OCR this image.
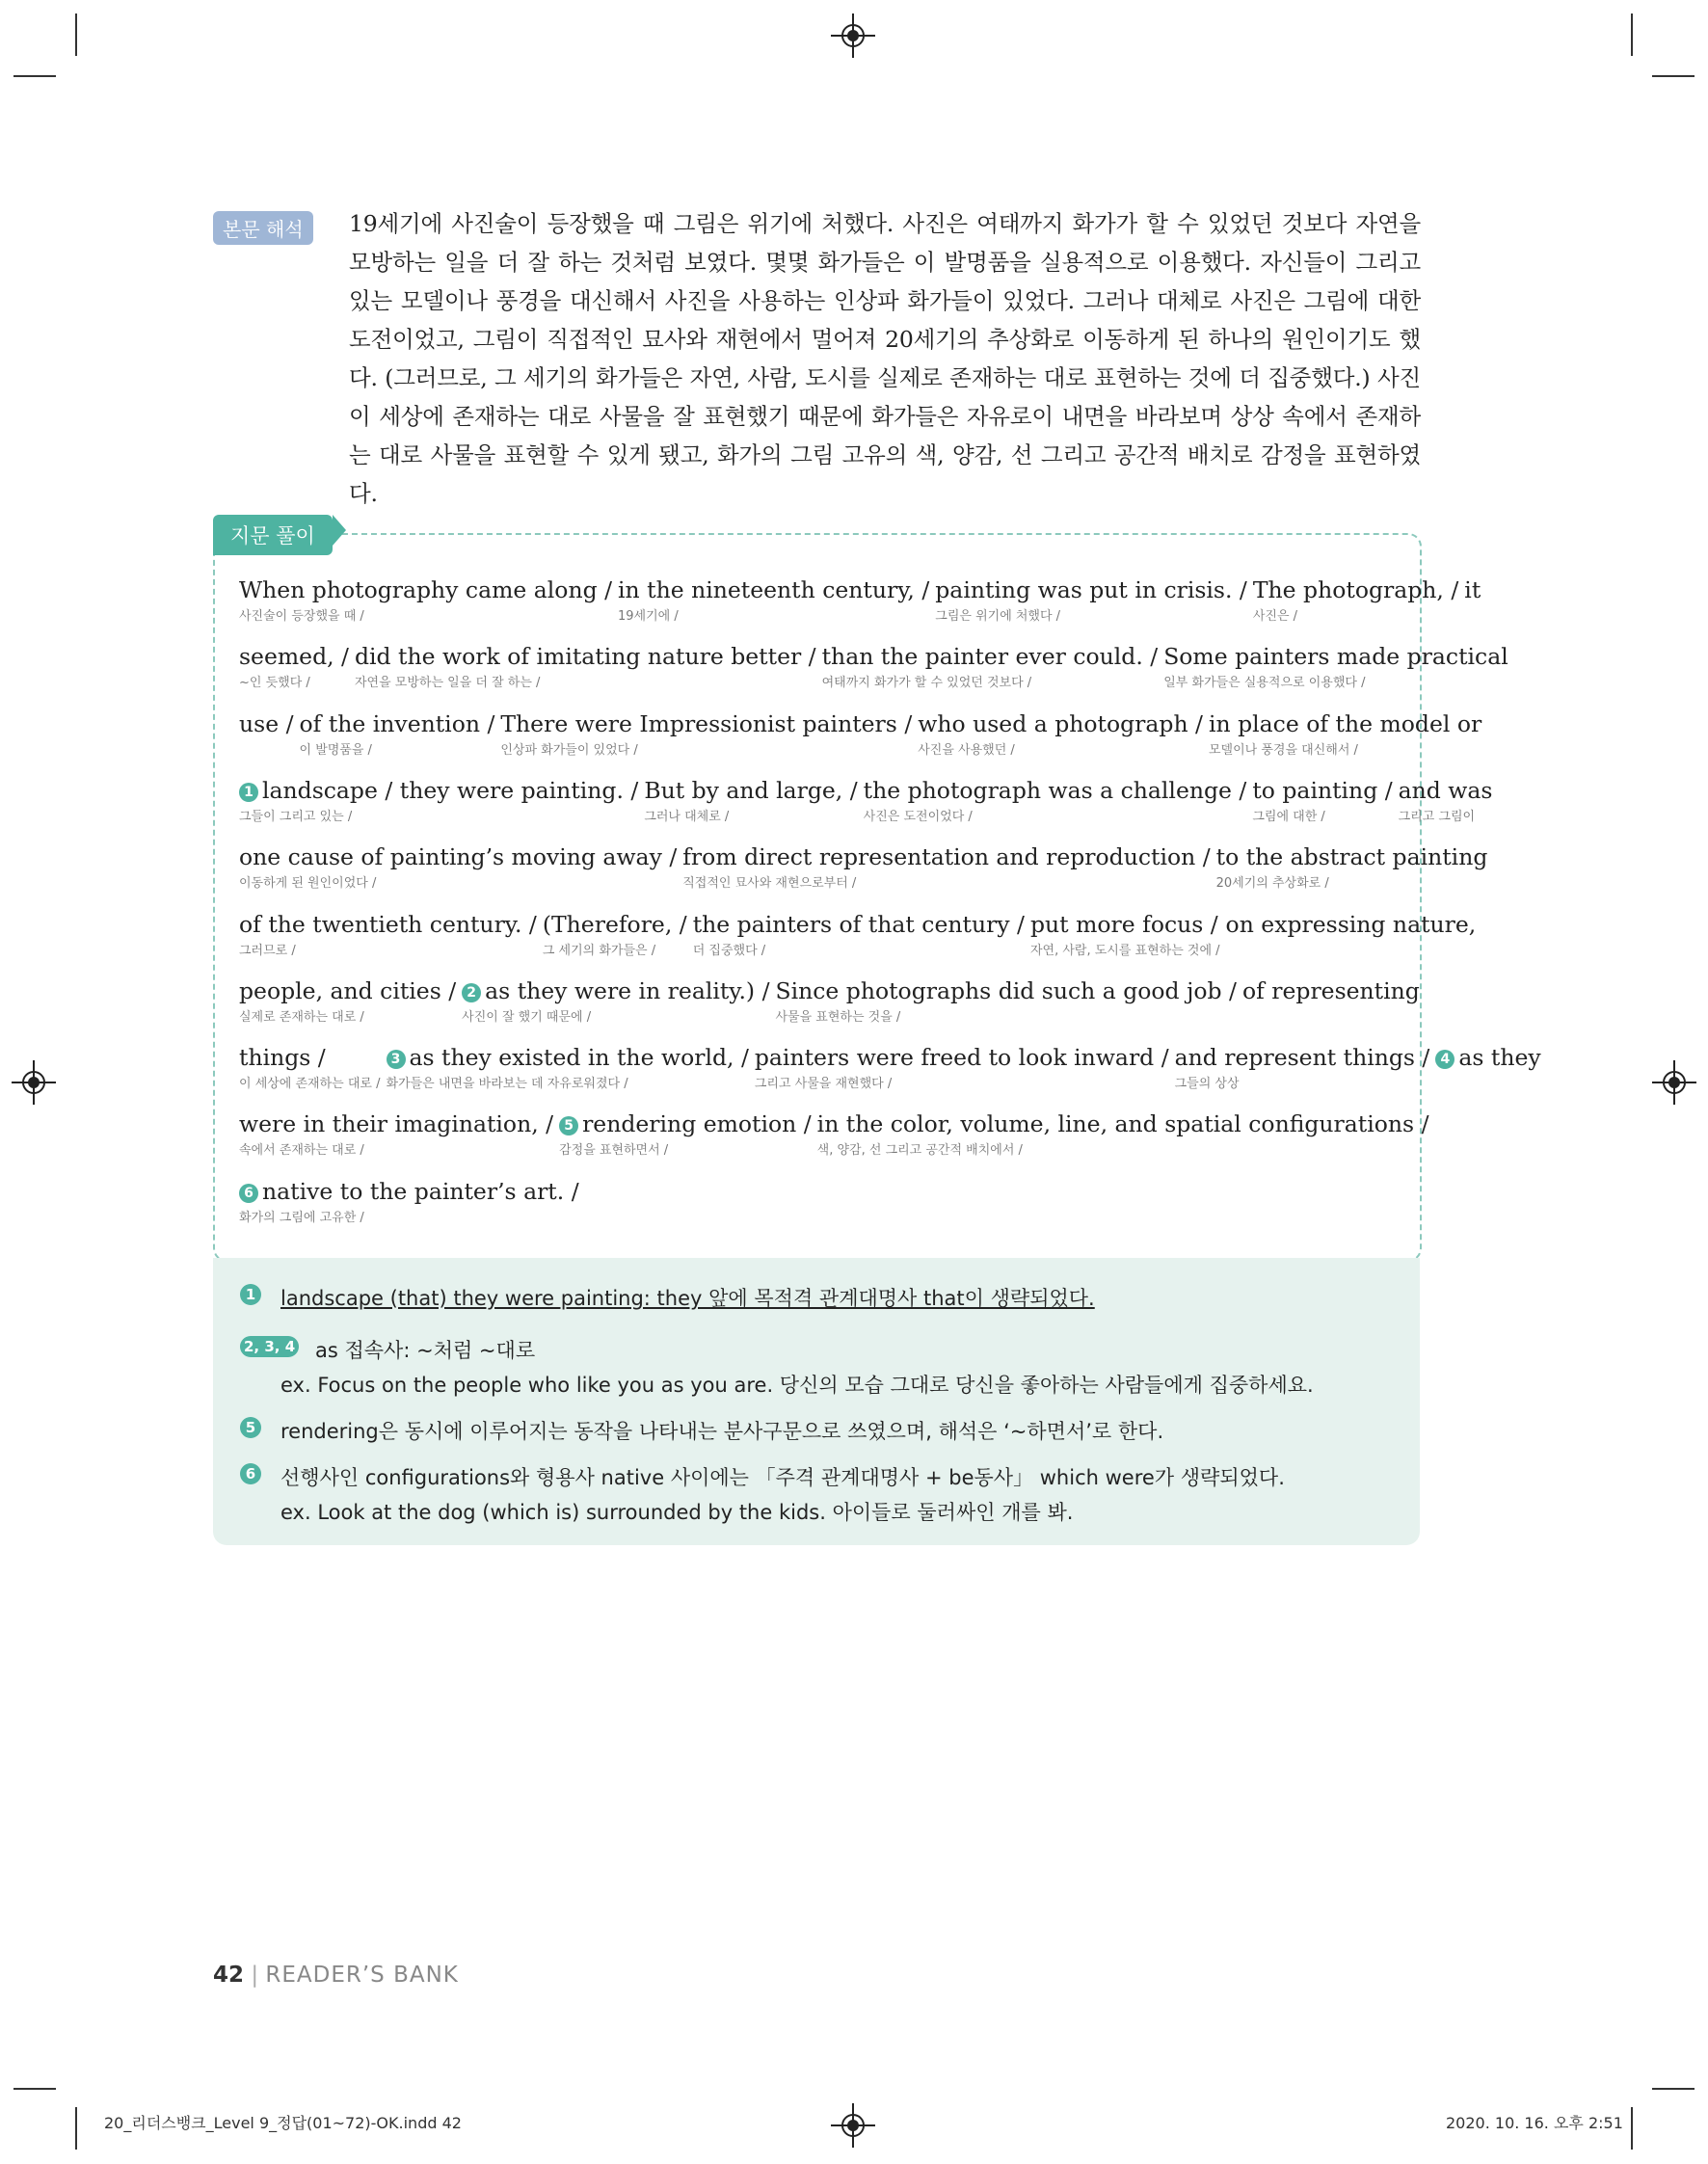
본문 해석	19세기에 사진술이 등장했을 때 그림은 위기에 처했다. 사진은 여태까지 화가가 할 수 있었던 것보다 자연을 모방하는 일을 더 잘 하는 것처럼 보였다. 몇몇 화가들은 이 발명품을 실용적으로 이용했다. 자신들이 그리고 있는 모델이나 풍경을 대신해서 사진을 사용하는 인상파 화가들이 있었다. 그러나 대체로 사진은 그림에 대한 도전이었고, 그림이 직접적인 묘사와 재현에서 멀어져 20세기의 추상화로 이동하게 된 하나의 원인이기도 했다. (그러므로, 그 세기의 화가들은 자연, 사람, 도시를 실제로 존재하는 대로 표현하는 것에 더 집중했다.) 사진이 세상에 존재하는 대로 사물을 잘 표현했기 때문에 화가들은 자유로이 내면을 바라보며 상상 속에서 존재하는 대로 사물을 표현할 수 있게 됐고, 화가의 그림 고유의 색, 양감, 선 그리고 공간적 배치로 감정을 표현하였다.

지문 풀이
When photography came along /
사진술이 등장했을 때 /
in the nineteenth century, /
19세기에 /
painting was put in crisis. /
그림은 위기에 처했다 /
The photograph, /
사진은 /
it

seemed, /
~인 듯했다 /
did the work of imitating nature better /
자연을 모방하는 일을 더 잘 하는 /
than the painter ever could. /
여태까지 화가가 할 수 있었던 것보다 /
Some painters made practical
일부 화가들은 실용적으로 이용했다 /
use /
of the invention /
이 발명품을 /
There were Impressionist painters /
인상파 화가들이 있었다 /
who used a photograph /
사진을 사용했던 /
in place of the model or
모델이나 풍경을 대신해서 /
1 landscape / they were painting. /
그들이 그리고 있는 /
But by and large, /
그러나 대체로 /
the photograph was a challenge /
사진은 도전이었다 /
to painting /
그림에 대한 /
and was
그리고 그림이
one cause of painting’s moving away /
이동하게 된 원인이었다 /
from direct representation and reproduction /
직접적인 묘사와 재현으로부터 /
to the abstract painting
20세기의 추상화로 /
of the twentieth century. /
그러므로 /
(Therefore, /
그 세기의 화가들은 /
the painters of that century /
더 집중했다 /
put more focus /
자연, 사람, 도시를 표현하는 것에 /
on expressing nature,

people, and cities /
실제로 존재하는 대로 /
2 as they were in reality.) /
사진이 잘 했기 때문에 /
Since photographs did such a good job /
사물을 표현하는 것을 /
of representing

things /
이 세상에 존재하는 대로 /
3 as they existed in the world, /
화가들은 내면을 바라보는 데 자유로워졌다 /
painters were freed to look inward /
그리고 사물을 재현했다 /
and represent things /
그들의 상상
4 as they

were in their imagination, /
속에서 존재하는 대로 /
5 rendering emotion /
감정을 표현하면서 /
in the color, volume, line, and spatial configurations /
색, 양감, 선 그리고 공간적 배치에서 /
6 native to the painter’s art. /
화가의 그림에 고유한 /
1 landscape (that) they were painting: they 앞에 목적격 관계대명사 that이 생략되었다.
2, 3, 4 as 접속사: ~처럼 ~대로
ex. Focus on the people who like you as you are. 당신의 모습 그대로 당신을 좋아하는 사람들에게 집중하세요.
5 rendering은 동시에 이루어지는 동작을 나타내는 분사구문으로 쓰였으며, 해석은 ‘~하면서’로 한다.
6 선행사인 configurations와 형용사 native 사이에는 「주격 관계대명사 + be동사」 which were가 생략되었다.
ex. Look at the dog (which is) surrounded by the kids. 아이들로 둘러싸인 개를 봐.
42 | READER’S BANK
20_리더스뱅크_Level 9_정답(01~72)-OK.indd 42	2020. 10. 16. 오후 2:51
